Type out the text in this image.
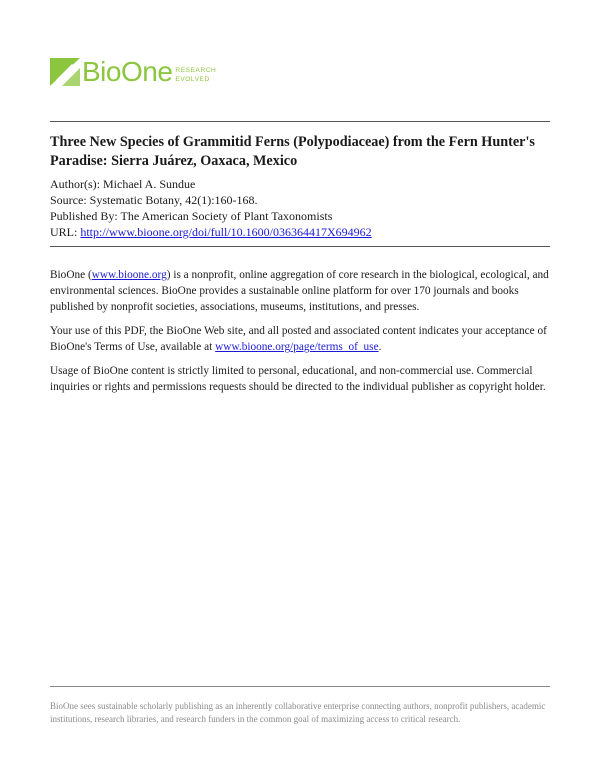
BioOne RESEARCH
EVOLVED
Three New Species of Grammitid Ferns (Polypodiaceae) from the Fern Hunter's Paradise: Sierra Juárez, Oaxaca, Mexico
Author(s): Michael A. Sundue
Source: Systematic Botany, 42(1):160-168.
Published By: The American Society of Plant Taxonomists
URL: http://www.bioone.org/doi/full/10.1600/036364417X694962

BioOne (www.bioone.org) is a nonprofit, online aggregation of core research in the biological, ecological, and environmental sciences. BioOne provides a sustainable online platform for over 170 journals and books published by nonprofit societies, associations, museums, institutions, and presses.

Your use of this PDF, the BioOne Web site, and all posted and associated content indicates your acceptance of BioOne's Terms of Use, available at www.bioone.org/page/terms_of_use.

Usage of BioOne content is strictly limited to personal, educational, and non-commercial use. Commercial inquiries or rights and permissions requests should be directed to the individual publisher as copyright holder.

BioOne sees sustainable scholarly publishing as an inherently collaborative enterprise connecting authors, nonprofit publishers, academic institutions, research libraries, and research funders in the common goal of maximizing access to critical research.
